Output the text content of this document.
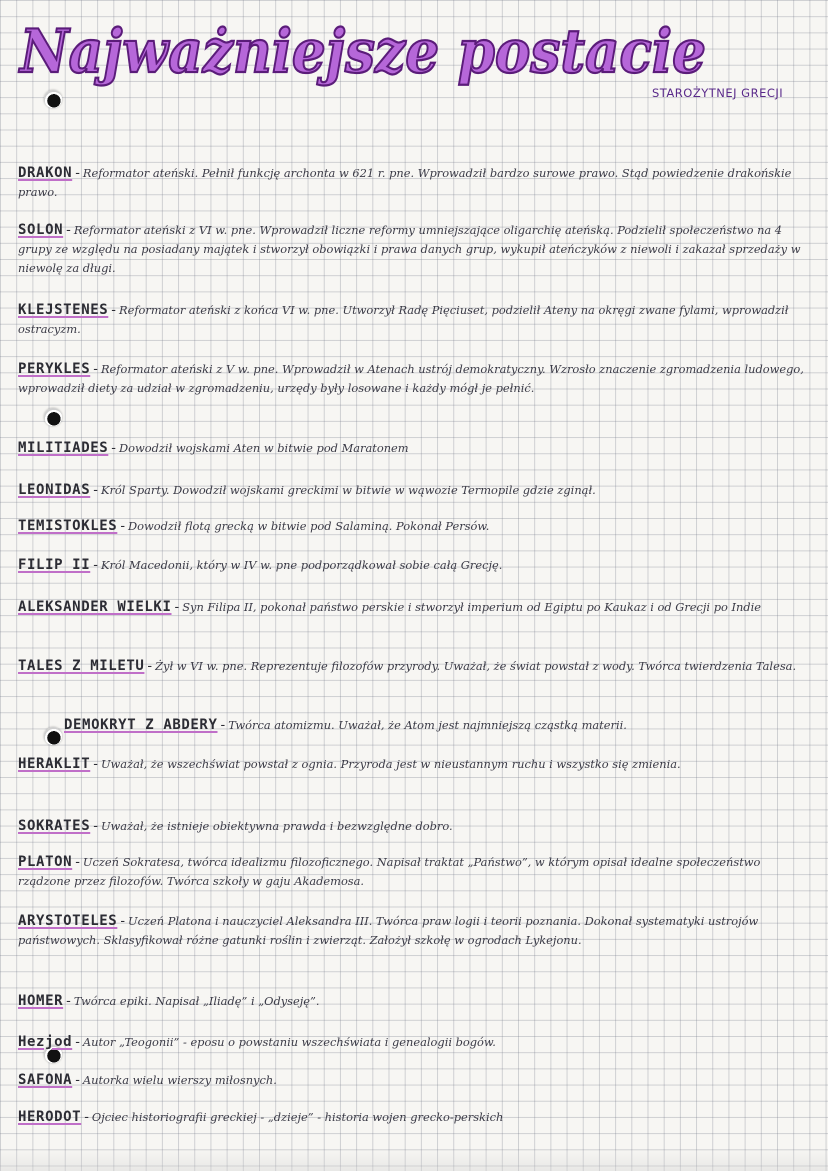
Najważniejsze postacie
STAROŻYTNEJ GRECJI

DRAKON - Reformator ateński. Pełnił funkcję archonta w 621 r. pne. Wprowadził bardzo surowe prawo. Stąd powiedzenie drakońskie prawo.

SOLON - Reformator ateński z VI w. pne. Wprowadził liczne reformy umniejszające oligarchię ateńską. Podzielił społeczeństwo na 4 grupy ze względu na posiadany majątek i stworzył obowiązki i prawa danych grup, wykupił ateńczyków z niewoli i zakazał sprzedaży w niewolę za długi.

KLEJSTENES - Reformator ateński z końca VI w. pne. Utworzył Radę Pięciuset, podzielił Ateny na okręgi zwane fylami, wprowadził ostracyzm.

PERYKLES - Reformator ateński z V w. pne. Wprowadził w Atenach ustrój demokratyczny. Wzrosło znaczenie zgromadzenia ludowego, wprowadził diety za udział w zgromadzeniu, urzędy były losowane i każdy mógł je pełnić.

MILITIADES - Dowodził wojskami Aten w bitwie pod Maratonem

LEONIDAS - Król Sparty. Dowodził wojskami greckimi w bitwie w wąwozie Termopile gdzie zginął.

TEMISTOKLES - Dowodził flotą grecką w bitwie pod Salaminą. Pokonał Persów.

FILIP II - Król Macedonii, który w IV w. pne podporządkował sobie całą Grecję.

ALEKSANDER WIELKI - Syn Filipa II, pokonał państwo perskie i stworzył imperium od Egiptu po Kaukaz i od Grecji po Indie

TALES Z MILETU - Żył w VI w. pne. Reprezentuje filozofów przyrody. Uważał, że świat powstał z wody. Twórca twierdzenia Talesa.

DEMOKRYT Z ABDERY - Twórca atomizmu. Uważał, że Atom jest najmniejszą cząstką materii.

HERAKLIT - Uważał, że wszechświat powstał z ognia. Przyroda jest w nieustannym ruchu i wszystko się zmienia.

SOKRATES - Uważał, że istnieje obiektywna prawda i bezwzględne dobro.

PLATON - Uczeń Sokratesa, twórca idealizmu filozoficznego. Napisał traktat „Państwo”, w którym opisał idealne społeczeństwo rządzone przez filozofów. Twórca szkoły w gaju Akademosa.

ARYSTOTELES - Uczeń Platona i nauczyciel Aleksandra III. Twórca praw logii i teorii poznania. Dokonał systematyki ustrojów państwowych. Sklasyfikował różne gatunki roślin i zwierząt. Założył szkołę w ogrodach Lykejonu.

HOMER - Twórca epiki. Napisał „Iliadę” i „Odyseję”.

Hezjod - Autor „Teogonii” - eposu o powstaniu wszechświata i genealogii bogów.

SAFONA - Autorka wielu wierszy miłosnych.

HERODOT - Ojciec historiografii greckiej - „dzieje” - historia wojen grecko-perskich
